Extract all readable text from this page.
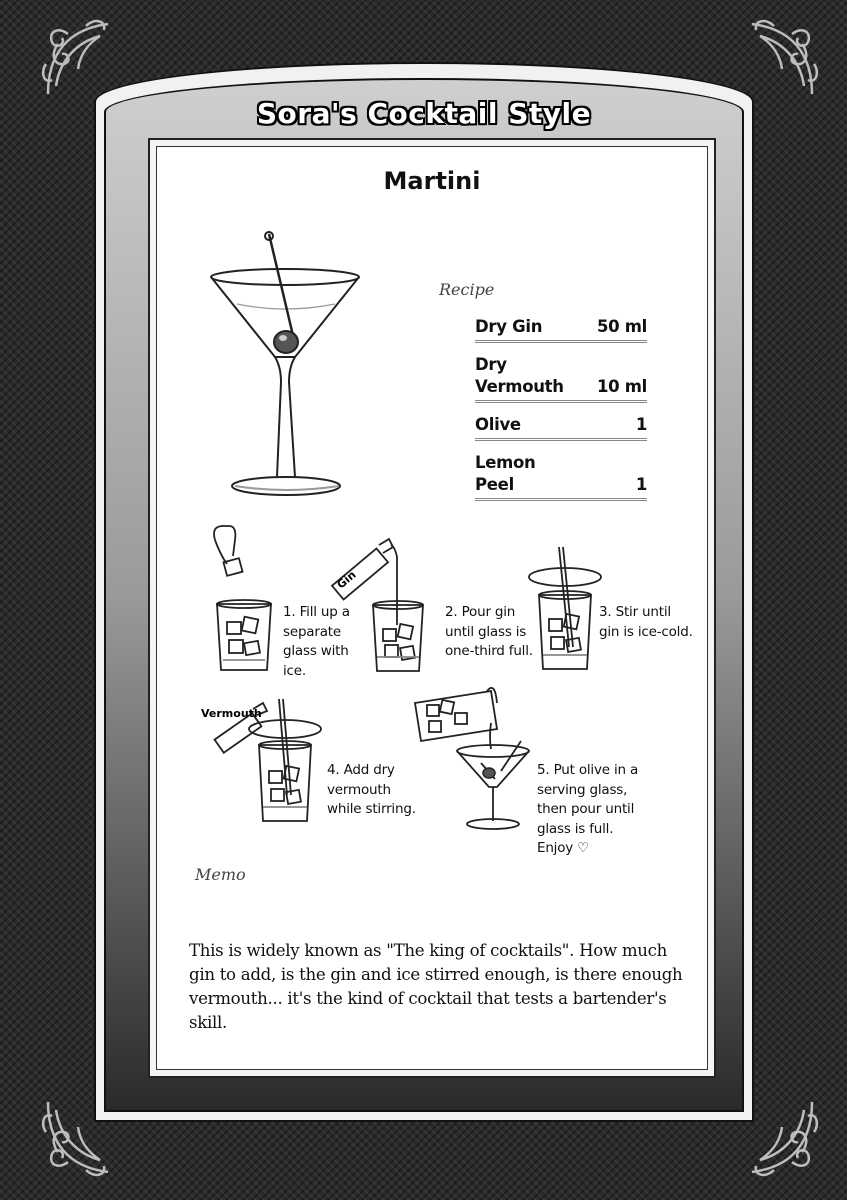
Sora's Cocktail Style
Martini
Recipe
Dry Gin	50 ml
Dry Vermouth	10 ml
Olive	1
Lemon Peel	1
1. Fill up a separate glass with ice.
Gin
2. Pour gin until glass is one-third full.
3. Stir until gin is ice-cold.
Vermouth
4. Add dry vermouth while stirring.
5. Put olive in a serving glass, then pour until glass is full. Enjoy ♡
Memo
This is widely known as "The king of cocktails". How much gin to add, is the gin and ice stirred enough, is there enough vermouth... it's the kind of cocktail that tests a bartender's skill.
